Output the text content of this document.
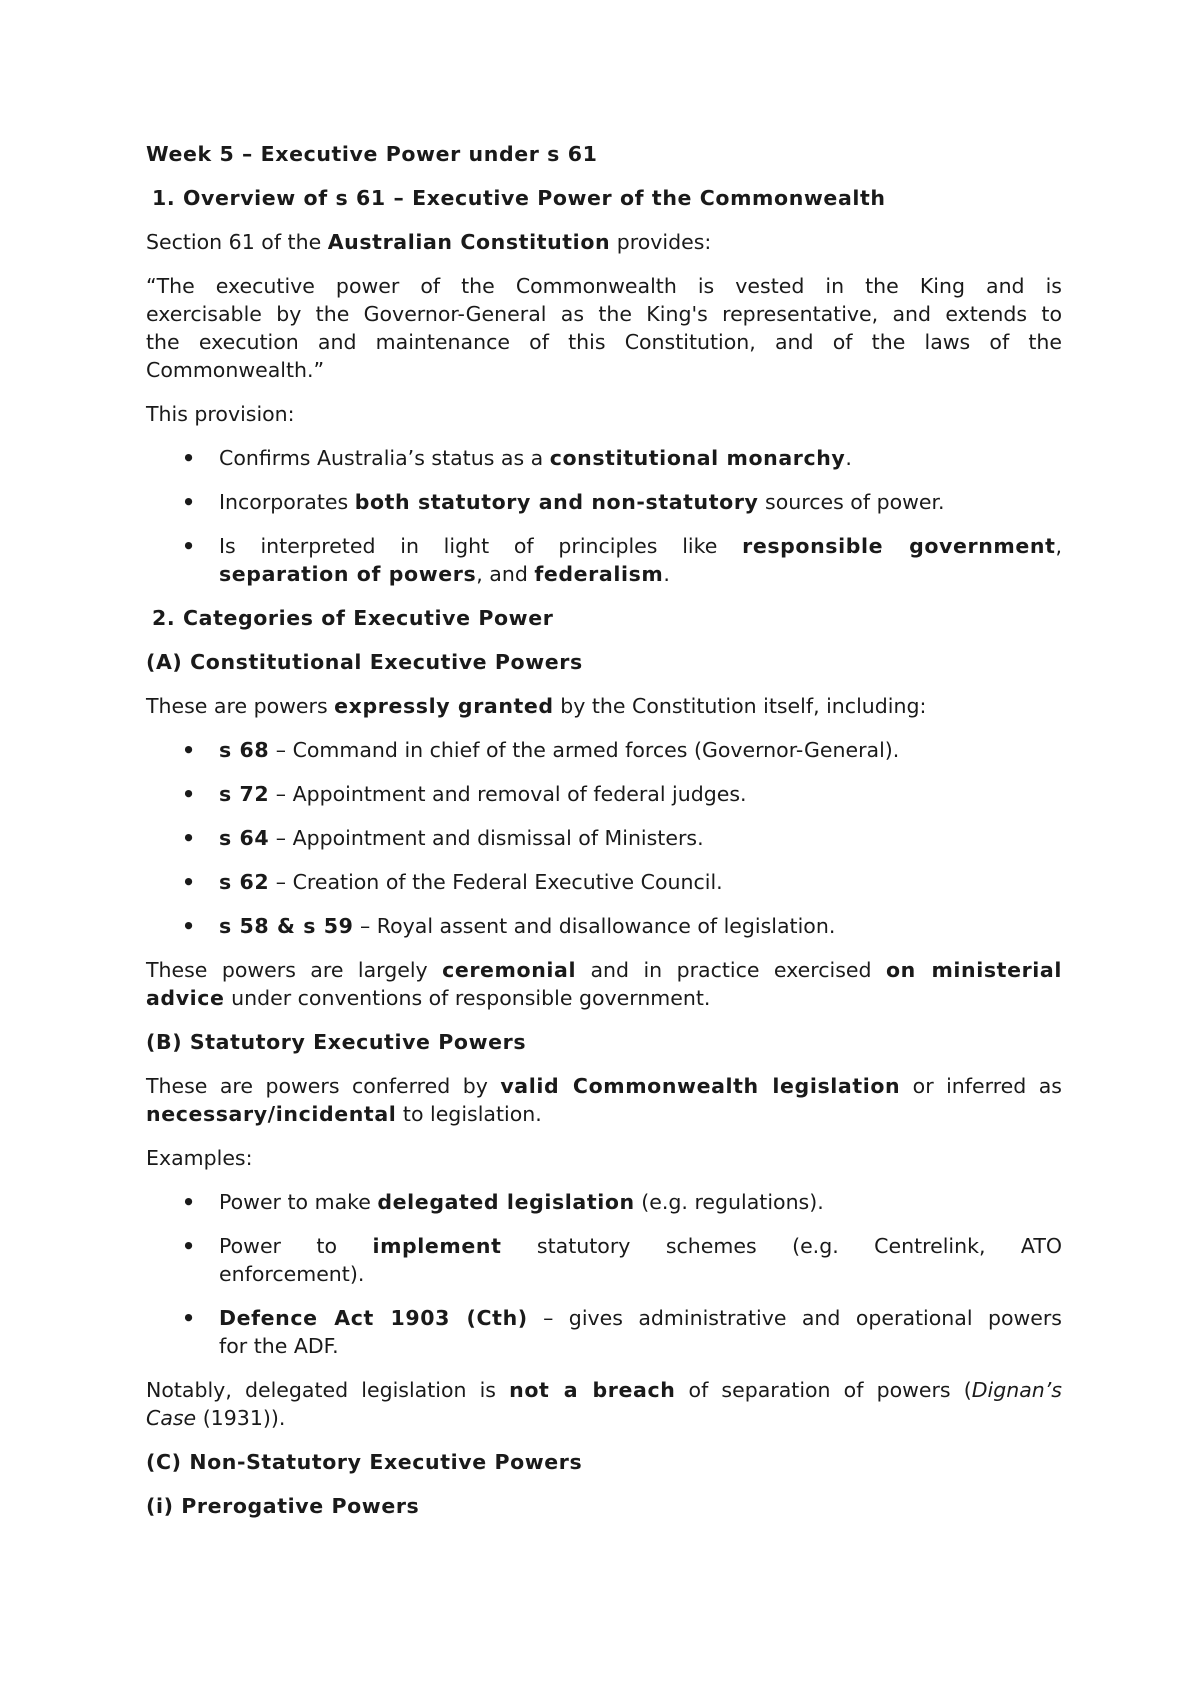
Week 5 – Executive Power under s 61
1. Overview of s 61 – Executive Power of the Commonwealth
Section 61 of the Australian Constitution provides:
“The executive power of the Commonwealth is vested in the King and is
exercisable by the Governor-General as the King's representative, and extends to
the execution and maintenance of this Constitution, and of the laws of the
Commonwealth.”
This provision:
• Confirms Australia’s status as a constitutional monarchy.
• Incorporates both statutory and non-statutory sources of power.
• Is interpreted in light of principles like responsible government,
separation of powers, and federalism.
2. Categories of Executive Power
(A) Constitutional Executive Powers
These are powers expressly granted by the Constitution itself, including:
• s 68 – Command in chief of the armed forces (Governor-General).
• s 72 – Appointment and removal of federal judges.
• s 64 – Appointment and dismissal of Ministers.
• s 62 – Creation of the Federal Executive Council.
• s 58 & s 59 – Royal assent and disallowance of legislation.
These powers are largely ceremonial and in practice exercised on ministerial
advice under conventions of responsible government.
(B) Statutory Executive Powers
These are powers conferred by valid Commonwealth legislation or inferred as
necessary/incidental to legislation.
Examples:
• Power to make delegated legislation (e.g. regulations).
• Power to implement statutory schemes (e.g. Centrelink, ATO
enforcement).
• Defence Act 1903 (Cth) – gives administrative and operational powers
for the ADF.
Notably, delegated legislation is not a breach of separation of powers (Dignan’s
Case (1931)).
(C) Non-Statutory Executive Powers
(i) Prerogative Powers
